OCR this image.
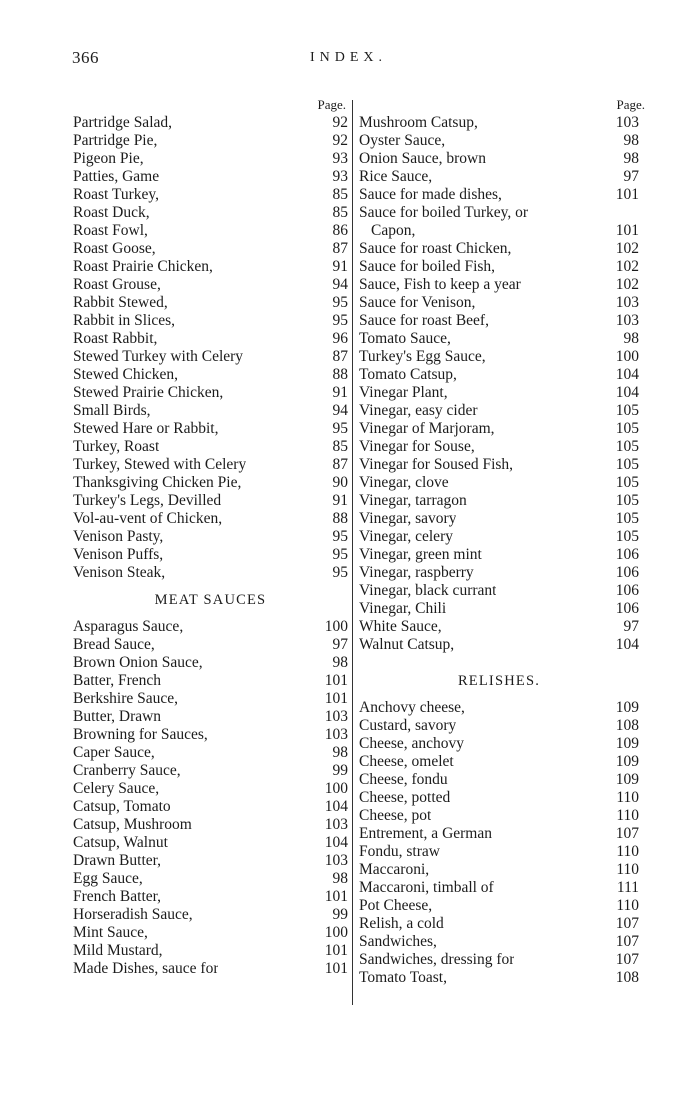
366	INDEX.
Page.
Partridge Salad,	92
Partridge Pie,	92
Pigeon Pie,	93
Patties, Game	93
Roast Turkey,	85
Roast Duck,	85
Roast Fowl,	86
Roast Goose,	87
Roast Prairie Chicken,	91
Roast Grouse,	94
Rabbit Stewed,	95
Rabbit in Slices,	95
Roast Rabbit,	96
Stewed Turkey with Celery	87
Stewed Chicken,	88
Stewed Prairie Chicken,	91
Small Birds,	94
Stewed Hare or Rabbit,	95
Turkey, Roast	85
Turkey, Stewed with Celery	87
Thanksgiving Chicken Pie,	90
Turkey's Legs, Devilled	91
Vol-au-vent of Chicken,	88
Venison Pasty,	95
Venison Puffs,	95
Venison Steak,	95
MEAT SAUCES
Asparagus Sauce,	100
Bread Sauce,	97
Brown Onion Sauce,	98
Batter, French	101
Berkshire Sauce,	101
Butter, Drawn	103
Browning for Sauces,	103
Caper Sauce,	98
Cranberry Sauce,	99
Celery Sauce,	100
Catsup, Tomato	104
Catsup, Mushroom	103
Catsup, Walnut	104
Drawn Butter,	103
Egg Sauce,	98
French Batter,	101
Horseradish Sauce,	99
Mint Sauce,	100
Mild Mustard,	101
Made Dishes, sauce for	101
Page.
Mushroom Catsup,	103
Oyster Sauce,	98
Onion Sauce, brown	98
Rice Sauce,	97
Sauce for made dishes,	101
Sauce for boiled Turkey, or
Capon,	101
Sauce for roast Chicken,	102
Sauce for boiled Fish,	102
Sauce, Fish to keep a year	102
Sauce for Venison,	103
Sauce for roast Beef,	103
Tomato Sauce,	98
Turkey's Egg Sauce,	100
Tomato Catsup,	104
Vinegar Plant,	104
Vinegar, easy cider	105
Vinegar of Marjoram,	105
Vinegar for Souse,	105
Vinegar for Soused Fish,	105
Vinegar, clove	105
Vinegar, tarragon	105
Vinegar, savory	105
Vinegar, celery	105
Vinegar, green mint	106
Vinegar, raspberry	106
Vinegar, black currant	106
Vinegar, Chili	106
White Sauce,	97
Walnut Catsup,	104
RELISHES.
Anchovy cheese,	109
Custard, savory	108
Cheese, anchovy	109
Cheese, omelet	109
Cheese, fondu	109
Cheese, potted	110
Cheese, pot	110
Entrement, a German	107
Fondu, straw	110
Maccaroni,	110
Maccaroni, timball of	111
Pot Cheese,	110
Relish, a cold	107
Sandwiches,	107
Sandwiches, dressing for	107
Tomato Toast,	108
